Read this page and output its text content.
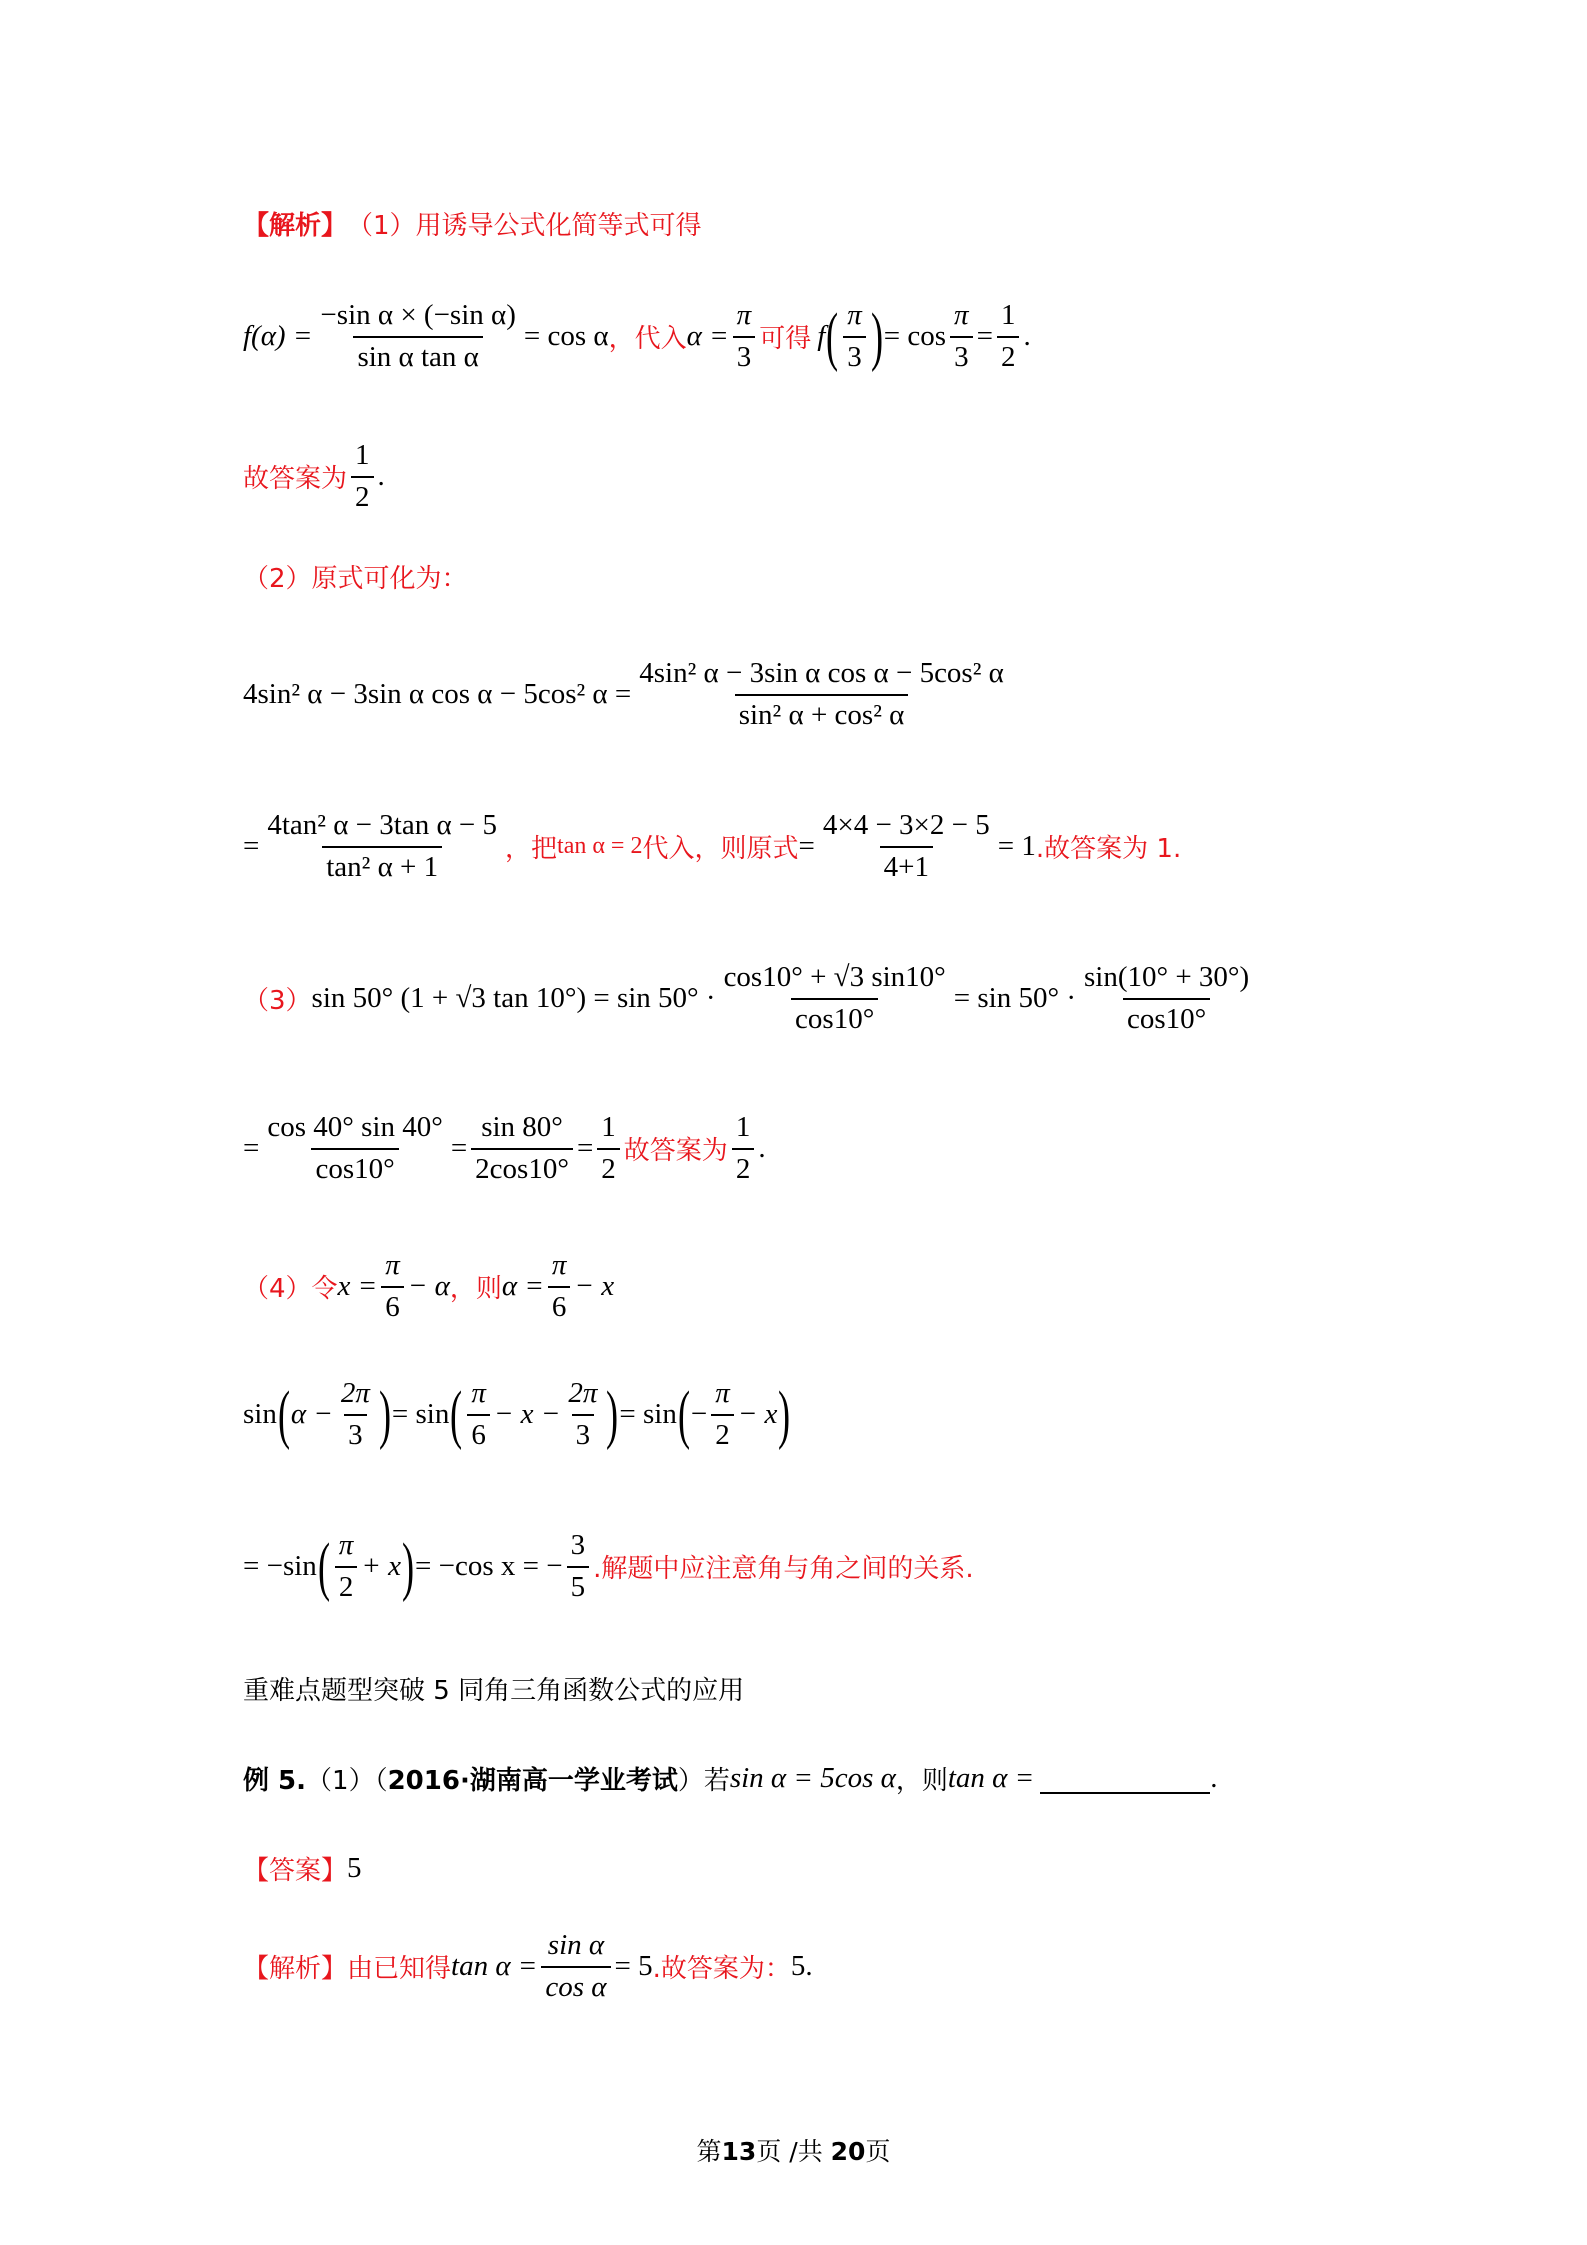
【解析】 （1）用诱导公式化简等式可得
$f(\alpha) = \frac{\text{−sin α × (−sin α)}}{\text{sin α tan α}} = \cos \alpha$ ， 代入 $\alpha = \frac{\pi}{3}$ 可得 f ( $\frac{\pi}{3}$ ) = $\cos \frac{\pi}{3} = \frac{1}{2}$ .
故答案为 $\frac{1}{2}$ .
（2）原式可化为：
4sin² α − 3sin α cos α − 5cos² $\alpha = \frac{\text{4sin² α − 3sin α cos α − 5cos² α}}{\text{sin² α + cos² α}}$
= $\frac{\text{4tan² α − 3tan α − 5}}{\text{tan² α + 1}}$ ，把 tan α = 2 代入，则原式 = $\frac{4\times 4 - 3\times 2 - 5}{4+1} = 1$ .故答案为 1.
（3） sin 50° (1 + √3 $\tan 10^\circ) = \sin 50^\circ \cdot \frac{\cos 10^\circ + √3 \sin 10^\circ}{\cos 10^\circ} = \sin 50^\circ \cdot \frac{\sin(10^\circ + 30^\circ)}{\cos 10^\circ}$
= $\frac{\cos 40^\circ \sin 40^\circ}{\cos 10^\circ} = \frac{\sin 80^\circ}{2\cos 10^\circ} = \frac{1}{2}$ 故答案为 $\frac{1}{2}$ .
（4）令 $x = \frac{\pi}{6} - \alpha$ ，则 $\alpha = \frac{\pi}{6} - x$
sin ( $\alpha - \frac{2\pi}{3}$ ) = sin ( $\frac{\pi}{6} - x - \frac{2\pi}{3}$ ) = sin ( − $\frac{\pi}{2} - x$ )
= −sin ( $\frac{\pi}{2} + x$ ) = −cos x = − $\frac{3}{5}$ .解题中应注意角与角之间的关系.
重难点题型突破 5 同角三角函数公式的应用
例 5. （1）（ 2016·湖南高一学业考试 ）若 sin α = 5cos α ，则 tan α =	.
【答案】 5
【解析】 由已知得 $\tan \alpha = \frac{\text{sin α}}{\text{cos α}} = 5$ .故答案为： 5.
第13页 /共 20页
